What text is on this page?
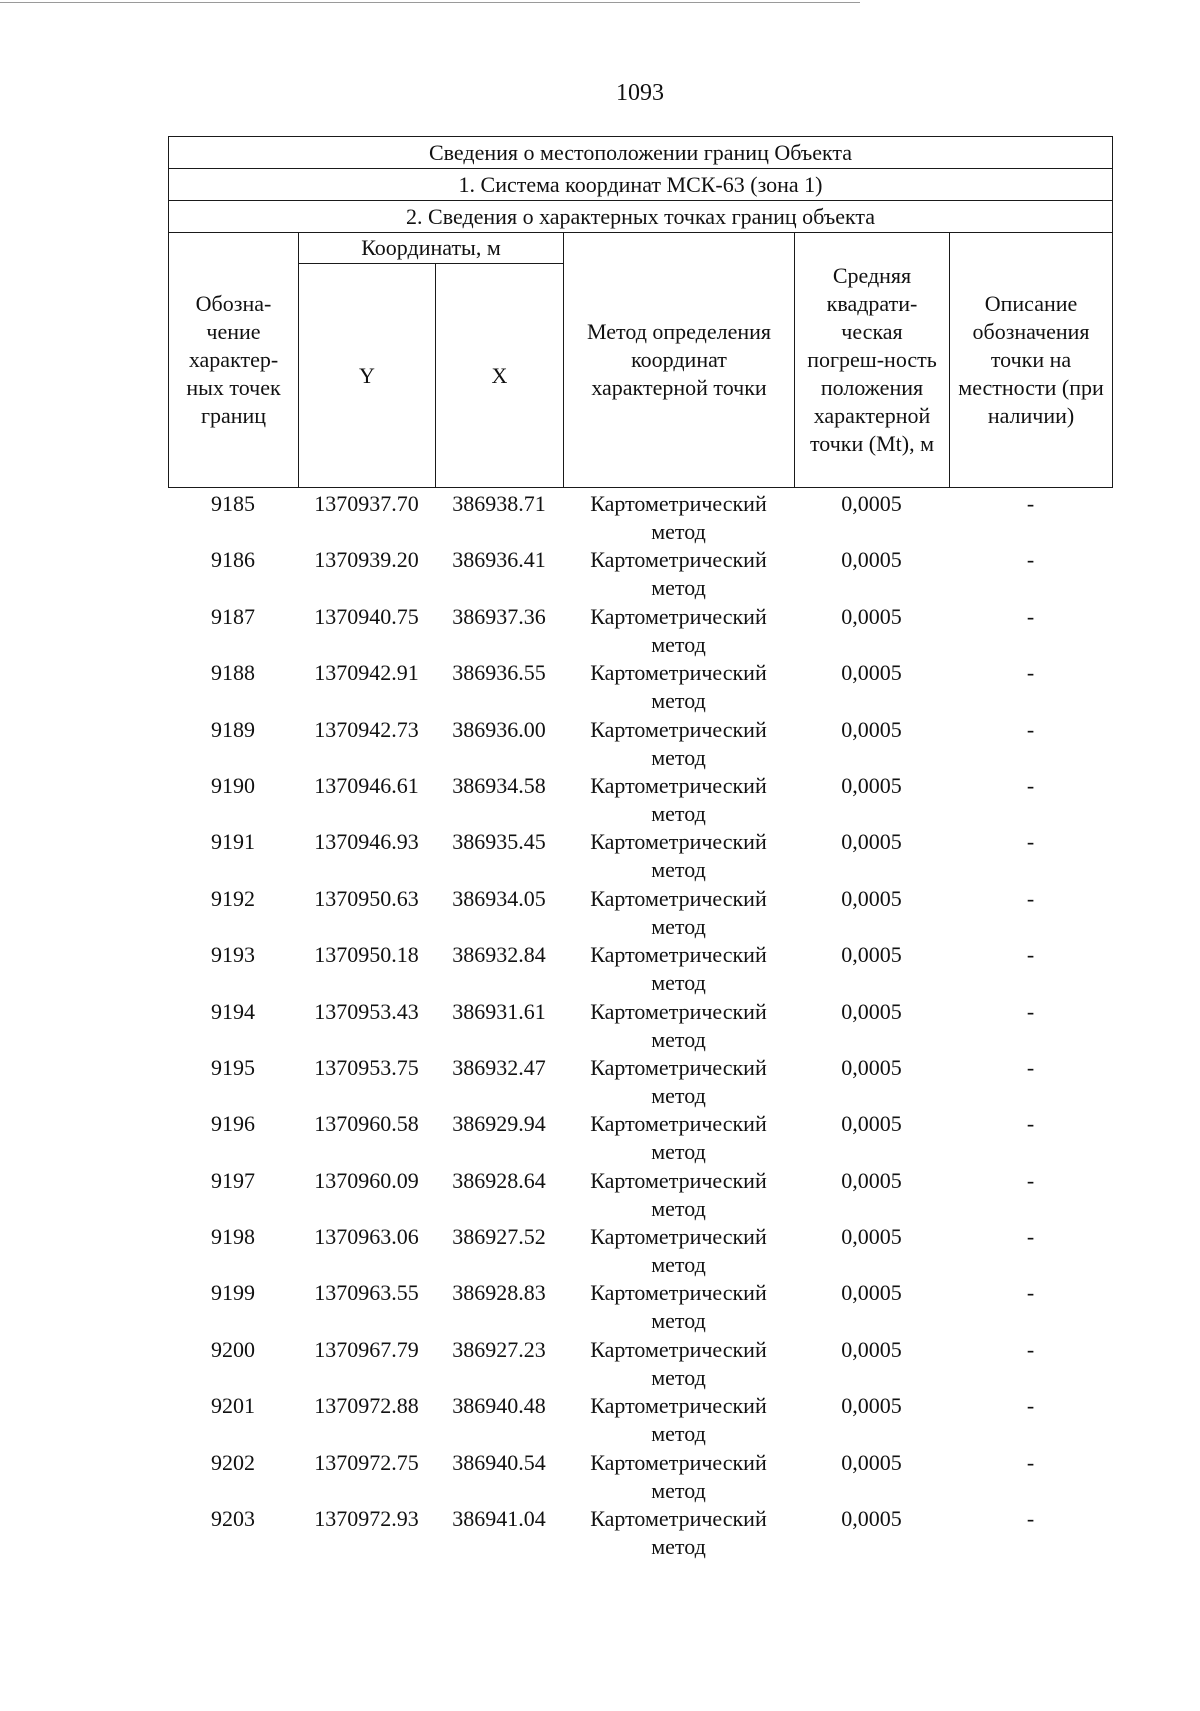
1093
Сведения о местоположении границ Объекта					
1. Система координат МСК-63 (зона 1)					
2. Сведения о характерных точках границ объекта					
Обозна-чение характер-ных точек границ	Координаты, м		Метод определения координат характерной точки	Средняя квадрати-ческая погреш-ность положения характерной точки (Mt), м	Описание обозначения точки на местности (при наличии)
	Y	X			
9185	1370937.70	386938.71	Картометрический метод	0,0005	-
9186	1370939.20	386936.41	Картометрический метод	0,0005	-
9187	1370940.75	386937.36	Картометрический метод	0,0005	-
9188	1370942.91	386936.55	Картометрический метод	0,0005	-
9189	1370942.73	386936.00	Картометрический метод	0,0005	-
9190	1370946.61	386934.58	Картометрический метод	0,0005	-
9191	1370946.93	386935.45	Картометрический метод	0,0005	-
9192	1370950.63	386934.05	Картометрический метод	0,0005	-
9193	1370950.18	386932.84	Картометрический метод	0,0005	-
9194	1370953.43	386931.61	Картометрический метод	0,0005	-
9195	1370953.75	386932.47	Картометрический метод	0,0005	-
9196	1370960.58	386929.94	Картометрический метод	0,0005	-
9197	1370960.09	386928.64	Картометрический метод	0,0005	-
9198	1370963.06	386927.52	Картометрический метод	0,0005	-
9199	1370963.55	386928.83	Картометрический метод	0,0005	-
9200	1370967.79	386927.23	Картометрический метод	0,0005	-
9201	1370972.88	386940.48	Картометрический метод	0,0005	-
9202	1370972.75	386940.54	Картометрический метод	0,0005	-
9203	1370972.93	386941.04	Картометрический метод	0,0005	-
